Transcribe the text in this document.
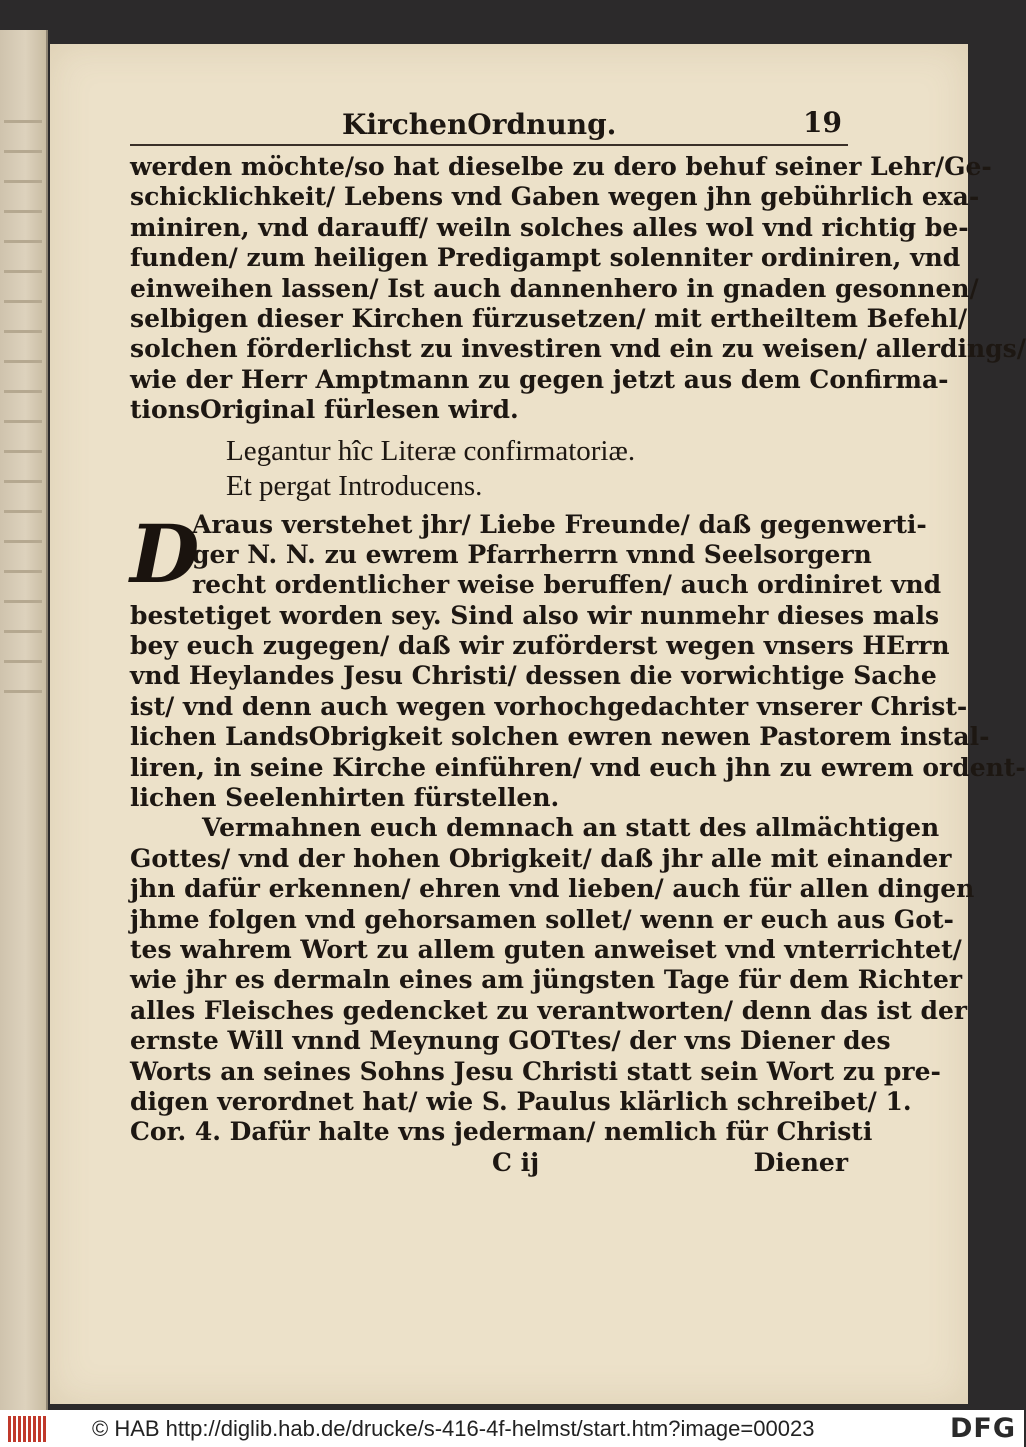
KirchenOrdnung.	19
werden möchte/so hat dieselbe zu dero behuf seiner Lehr/Ge-
schicklichkeit/ Lebens vnd Gaben wegen jhn gebührlich exa-
miniren, vnd darauff/ weiln solches alles wol vnd richtig be-
funden/ zum heiligen Predigampt solenniter ordiniren, vnd
einweihen lassen/ Ist auch dannenhero in gnaden gesonnen/
selbigen dieser Kirchen fürzusetzen/ mit ertheiltem Befehl/
solchen förderlichst zu investiren vnd ein zu weisen/ allerdings/
wie der Herr Amptmann zu gegen jetzt aus dem Confirma-
tionsOriginal fürlesen wird.
Legantur hîc Literæ confirmatoriæ.
Et pergat Introducens.
D
Araus verstehet jhr/ Liebe Freunde/ daß gegenwerti-
ger N. N. zu ewrem Pfarrherrn vnnd Seelsorgern
recht ordentlicher weise beruffen/ auch ordiniret vnd
bestetiget worden sey. Sind also wir nunmehr dieses mals
bey euch zugegen/ daß wir zuförderst wegen vnsers HErrn
vnd Heylandes Jesu Christi/ dessen die vorwichtige Sache
ist/ vnd denn auch wegen vorhochgedachter vnserer Christ-
lichen LandsObrigkeit solchen ewren newen Pastorem instal-
liren, in seine Kirche einführen/ vnd euch jhn zu ewrem ordent-
lichen Seelenhirten fürstellen.
Vermahnen euch demnach an statt des allmächtigen
Gottes/ vnd der hohen Obrigkeit/ daß jhr alle mit einander
jhn dafür erkennen/ ehren vnd lieben/ auch für allen dingen
jhme folgen vnd gehorsamen sollet/ wenn er euch aus Got-
tes wahrem Wort zu allem guten anweiset vnd vnterrichtet/
wie jhr es dermaln eines am jüngsten Tage für dem Richter
alles Fleisches gedencket zu verantworten/ denn das ist der
ernste Will vnnd Meynung GOTtes/ der vns Diener des
Worts an seines Sohns Jesu Christi statt sein Wort zu pre-
digen verordnet hat/ wie S. Paulus klärlich schreibet/ 1.
Cor. 4. Dafür halte vns jederman/ nemlich für Christi
C ij	Diener
© HAB http://diglib.hab.de/drucke/s-416-4f-helmst/start.htm?image=00023	DFG
